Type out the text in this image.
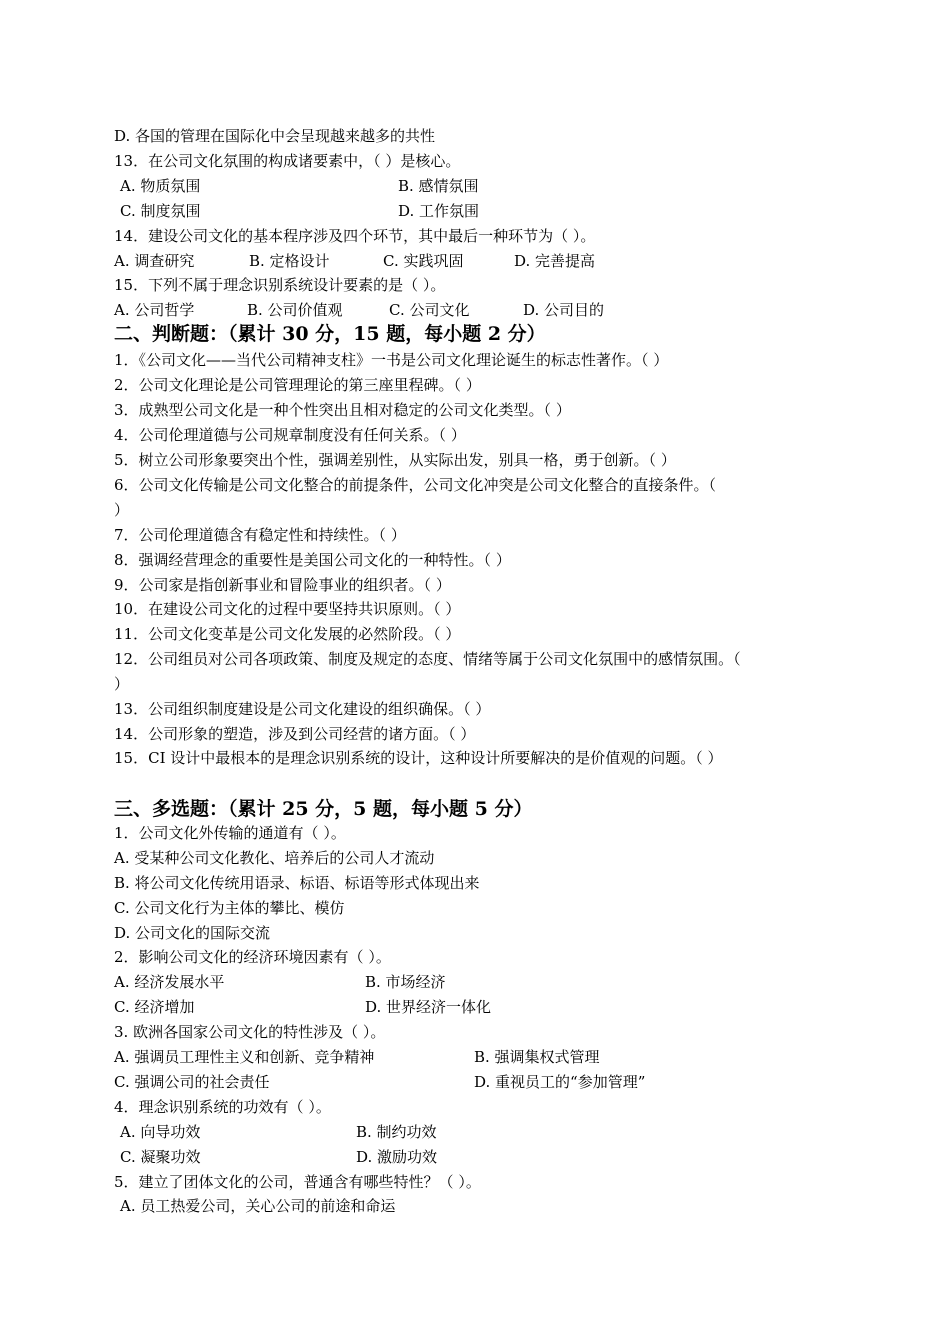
D. 各国的管理在国际化中会呈现越来越多的共性
13．在公司文化氛围的构成诸要素中，（ ）是核心。
A. 物质氛围	B. 感情氛围
C. 制度氛围	D. 工作氛围
14．建设公司文化的基本程序涉及四个环节，其中最后一种环节为（ ）。
A. 调查研究	B. 定格设计	C. 实践巩固	D. 完善提高
15．下列不属于理念识别系统设计要素的是（ ）。
A. 公司哲学	B. 公司价值观	C. 公司文化	D. 公司目的
二、判断题：（累计 30 分，15 题，每小题 2 分）
1．《公司文化——当代公司精神支柱》一书是公司文化理论诞生的标志性著作。（ ）
2．公司文化理论是公司管理理论的第三座里程碑。（ ）
3．成熟型公司文化是一种个性突出且相对稳定的公司文化类型。（ ）
4．公司伦理道德与公司规章制度没有任何关系。（ ）
5．树立公司形象要突出个性，强调差别性，从实际出发，别具一格，勇于创新。（ ）
6．公司文化传输是公司文化整合的前提条件，公司文化冲突是公司文化整合的直接条件。（
）
7．公司伦理道德含有稳定性和持续性。（ ）
8．强调经营理念的重要性是美国公司文化的一种特性。（ ）
9．公司家是指创新事业和冒险事业的组织者。（ ）
10．在建设公司文化的过程中要坚持共识原则。（ ）
11．公司文化变革是公司文化发展的必然阶段。（ ）
12．公司组员对公司各项政策、制度及规定的态度、情绪等属于公司文化氛围中的感情氛围。（
）
13．公司组织制度建设是公司文化建设的组织确保。（ ）
14．公司形象的塑造，涉及到公司经营的诸方面。（ ）
15．CI 设计中最根本的是理念识别系统的设计，这种设计所要解决的是价值观的问题。（ ）
三、多选题：（累计 25 分，5 题，每小题 5 分）
1．公司文化外传输的通道有（ ）。
A. 受某种公司文化教化、培养后的公司人才流动
B. 将公司文化传统用语录、标语、标语等形式体现出来
C. 公司文化行为主体的攀比、模仿
D. 公司文化的国际交流
2．影响公司文化的经济环境因素有（ ）。
A. 经济发展水平	B. 市场经济
C. 经济增加	D. 世界经济一体化
3. 欧洲各国家公司文化的特性涉及（ ）。
A. 强调员工理性主义和创新、竞争精神	B. 强调集权式管理
C. 强调公司的社会责任	D. 重视员工的“参加管理”
4．理念识别系统的功效有（ ）。
A. 向导功效	B. 制约功效
C. 凝聚功效	D. 激励功效
5．建立了团体文化的公司，普通含有哪些特性？（ ）。
A. 员工热爱公司，关心公司的前途和命运
